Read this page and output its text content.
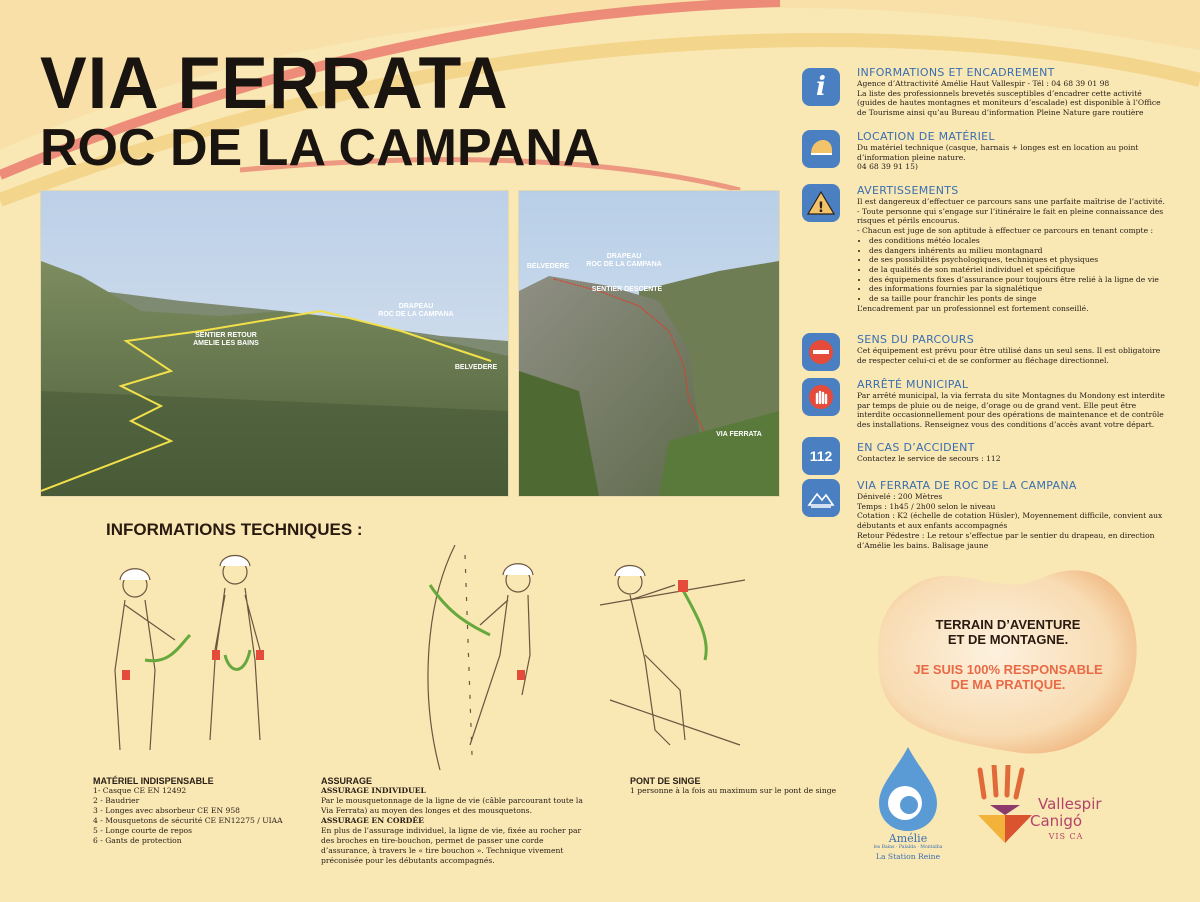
VIA FERRATA
ROC DE LA CAMPANA
SENTIER RETOUR
AMELIE LES BAINS
DRAPEAU
ROC DE LA CAMPANA
BELVEDERE
BELVEDERE
DRAPEAU
ROC DE LA CAMPANA
SENTIER DESCENTE
VIA FERRATA
i	INFORMATIONS ET ENCADREMENT
Agence d’Attractivité Amélie Haut Vallespir - Tél : 04 68 39 01 98
La liste des professionnels brevetés susceptibles d’encadrer cette activité (guides de hautes montagnes et moniteurs d’escalade) est disponible à l’Office de Tourisme ainsi qu’au Bureau d’information Pleine Nature gare routière
LOCATION DE MATÉRIEL
Du matériel technique (casque, harnais + longes est en location au point d’information pleine nature.
04 68 39 91 15)
!
AVERTISSEMENTS
Il est dangereux d’effectuer ce parcours sans une parfaite maîtrise de l’activité.
- Toute personne qui s’engage sur l’itinéraire le fait en pleine connaissance des risques et périls encourus.
- Chacun est juge de son aptitude à effectuer ce parcours en tenant compte :
• des conditions météo locales
• des dangers inhérents au milieu montagnard
• de ses possibilités psychologiques, techniques et physiques
• de la qualités de son matériel individuel et spécifique
• des équipements fixes d’assurance pour toujours être relié à la ligne de vie
• des informations fournies par la signalétique
• de sa taille pour franchir les ponts de singe
L’encadrement par un professionnel est fortement conseillé.
SENS DU PARCOURS
Cet équipement est prévu pour être utilisé dans un seul sens. Il est obligatoire de respecter celui-ci et de se conformer au fléchage directionnel.
ARRÊTÉ MUNICIPAL
Par arrêté municipal, la via ferrata du site Montagnes du Mondony est interdite par temps de pluie ou de neige, d’orage ou de grand vent. Elle peut être interdite occasionnellement pour des opérations de maintenance et de contrôle des installations. Renseignez vous des conditions d’accès avant votre départ.
112
EN CAS D’ACCIDENT
Contactez le service de secours : 112
VIA FERRATA DE ROC DE LA CAMPANA
Dénivelé : 200 Mètres
Temps : 1h45 / 2h00 selon le niveau
Cotation : K2 (échelle de cotation Hüsler), Moyennement difficile, convient aux débutants et aux enfants accompagnés
Retour Pédestre : Le retour s’effectue par le sentier du drapeau, en direction d’Amélie les bains. Balisage jaune
INFORMATIONS TECHNIQUES :
MATÉRIEL INDISPENSABLE
1- Casque CE EN 12492
2 - Baudrier
3 - Longes avec absorbeur CE EN 958
4 - Mousquetons de sécurité CE EN12275 / UIAA
5 - Longe courte de repos
6 - Gants de protection
ASSURAGE
ASSURAGE INDIVIDUEL
Par le mousquetonnage de la ligne de vie (câble parcourant toute la Via Ferrata) au moyen des longes et des mousquetons.
ASSURAGE EN CORDÉE
En plus de l’assurage individuel, la ligne de vie, fixée au rocher par des broches en tire-bouchon, permet de passer une corde d’assurance, à travers le « tire bouchon ». Technique vivement préconisée pour les débutants accompagnés.
PONT DE SINGE
1 personne à la fois au maximum sur le pont de singe
TERRAIN D’AVENTURE
ET DE MONTAGNE.
JE SUIS 100% RESPONSABLE
DE MA PRATIQUE.
Amélie
les Bains · Palalda · Montalba
La Station Reine
Vallespir
Canigó
VIS CA
